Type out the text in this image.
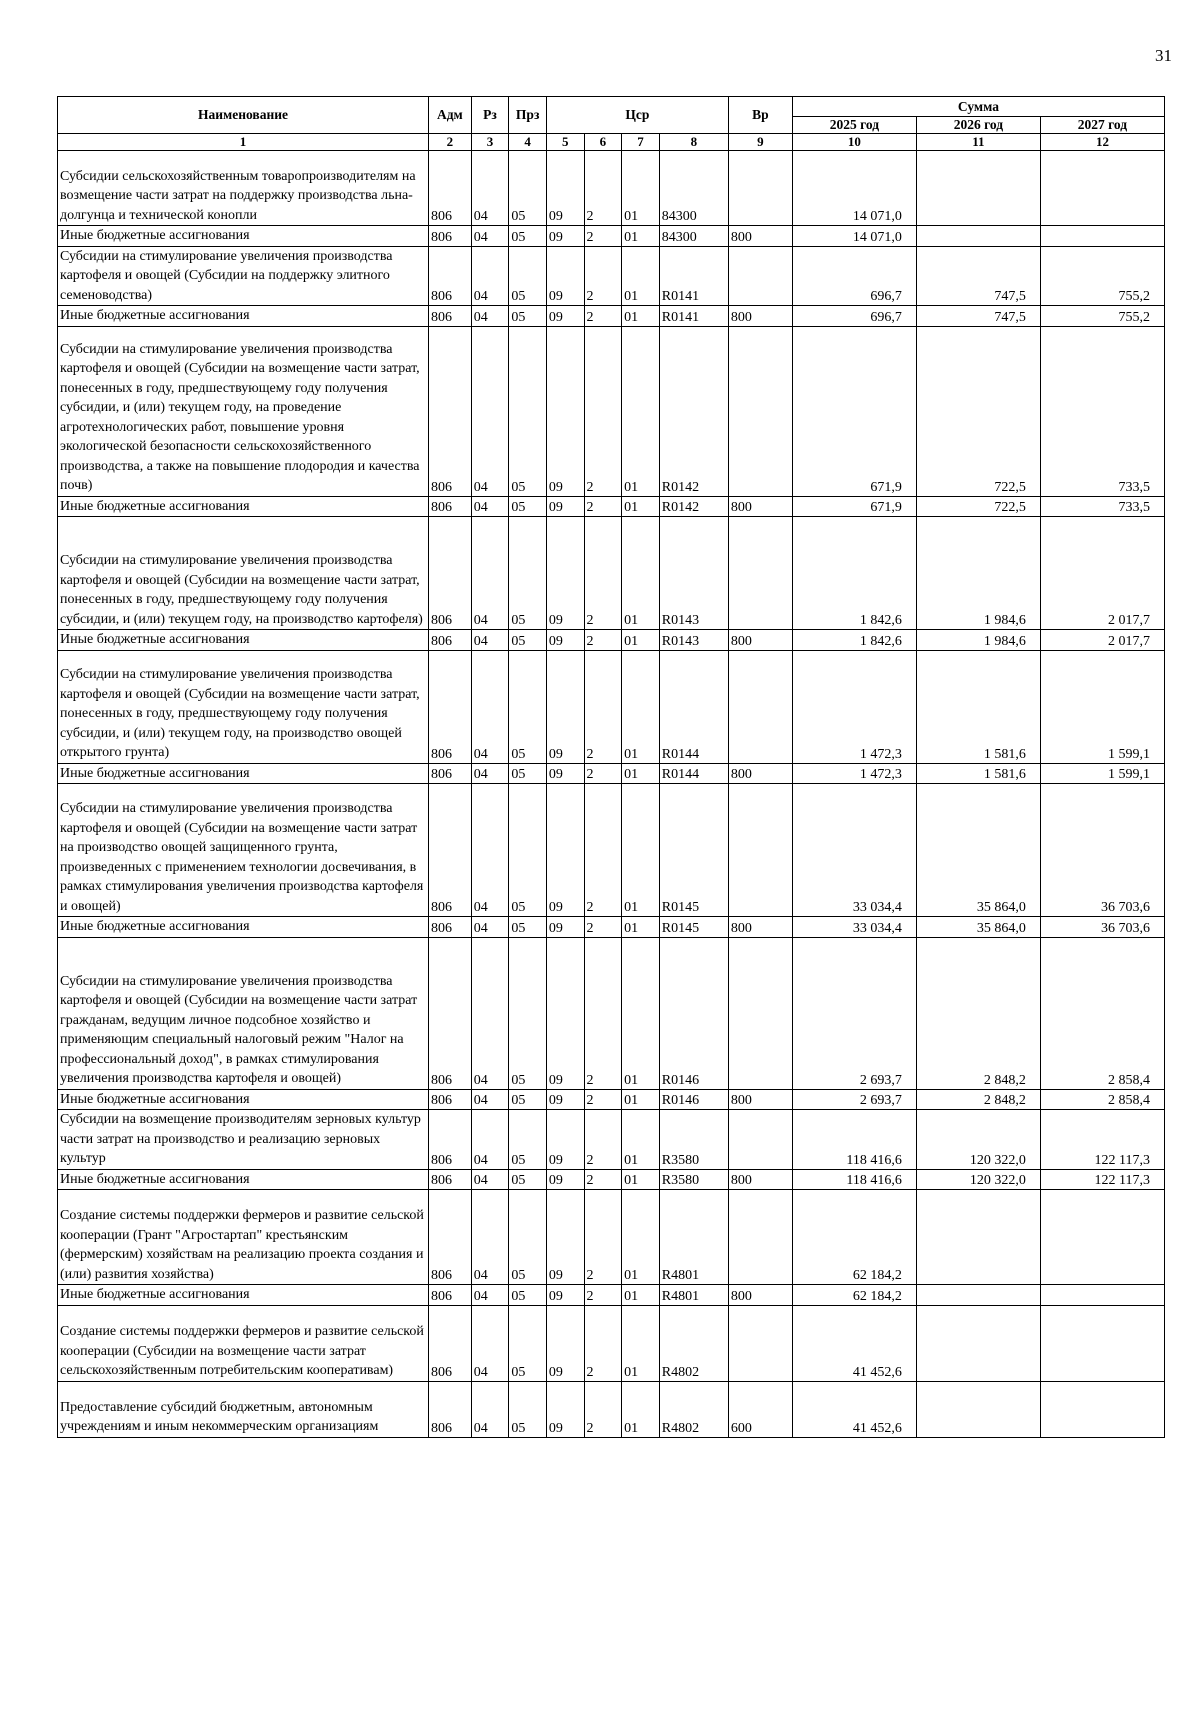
31
Наименование	Адм	Рз	Прз	Цср				Вр	Сумма		
									2025 год	2026 год	2027 год
1	2	3	4	5	6	7	8	9	10	11	12
Субсидии сельскохозяйственным товаропроизводителям на возмещение части затрат на поддержку производства льна-долгунца и технической конопли	806	04	05	09	2	01	84300		14 071,0		
Иные бюджетные ассигнования	806	04	05	09	2	01	84300	800	14 071,0		
Субсидии на стимулирование увеличения производства картофеля и овощей (Субсидии на поддержку элитного семеноводства)	806	04	05	09	2	01	R0141		696,7	747,5	755,2
Иные бюджетные ассигнования	806	04	05	09	2	01	R0141	800	696,7	747,5	755,2
Субсидии на стимулирование увеличения производства картофеля и овощей (Субсидии на возмещение части затрат, понесенных в году, предшествующему году получения субсидии, и (или) текущем году, на проведение агротехнологических работ, повышение уровня экологической безопасности сельскохозяйственного производства, а также на повышение плодородия и качества почв)	806	04	05	09	2	01	R0142		671,9	722,5	733,5
Иные бюджетные ассигнования	806	04	05	09	2	01	R0142	800	671,9	722,5	733,5
Субсидии на стимулирование увеличения производства картофеля и овощей (Субсидии на возмещение части затрат, понесенных в году, предшествующему году получения субсидии, и (или) текущем году, на производство картофеля)	806	04	05	09	2	01	R0143		1 842,6	1 984,6	2 017,7
Иные бюджетные ассигнования	806	04	05	09	2	01	R0143	800	1 842,6	1 984,6	2 017,7
Субсидии на стимулирование увеличения производства картофеля и овощей (Субсидии на возмещение части затрат, понесенных в году, предшествующему году получения субсидии, и (или) текущем году, на производство овощей открытого грунта)	806	04	05	09	2	01	R0144		1 472,3	1 581,6	1 599,1
Иные бюджетные ассигнования	806	04	05	09	2	01	R0144	800	1 472,3	1 581,6	1 599,1
Субсидии на стимулирование увеличения производства картофеля и овощей (Субсидии на возмещение части затрат на производство овощей защищенного грунта, произведенных с применением технологии досвечивания, в рамках стимулирования увеличения производства картофеля и овощей)	806	04	05	09	2	01	R0145		33 034,4	35 864,0	36 703,6
Иные бюджетные ассигнования	806	04	05	09	2	01	R0145	800	33 034,4	35 864,0	36 703,6
Субсидии на стимулирование увеличения производства картофеля и овощей (Субсидии на возмещение части затрат гражданам, ведущим личное подсобное хозяйство и применяющим специальный налоговый режим "Налог на профессиональный доход", в рамках стимулирования увеличения производства картофеля и овощей)	806	04	05	09	2	01	R0146		2 693,7	2 848,2	2 858,4
Иные бюджетные ассигнования	806	04	05	09	2	01	R0146	800	2 693,7	2 848,2	2 858,4
Субсидии на возмещение производителям зерновых культур части затрат на производство и реализацию зерновых культур	806	04	05	09	2	01	R3580		118 416,6	120 322,0	122 117,3
Иные бюджетные ассигнования	806	04	05	09	2	01	R3580	800	118 416,6	120 322,0	122 117,3
Создание системы поддержки фермеров и развитие сельской кооперации (Грант "Агростартап" крестьянским (фермерским) хозяйствам на реализацию проекта создания и (или) развития хозяйства)	806	04	05	09	2	01	R4801		62 184,2		
Иные бюджетные ассигнования	806	04	05	09	2	01	R4801	800	62 184,2		
Создание системы поддержки фермеров и развитие сельской кооперации (Субсидии на возмещение части затрат сельскохозяйственным потребительским кооперативам)	806	04	05	09	2	01	R4802		41 452,6		
Предоставление субсидий бюджетным, автономным учреждениям и иным некоммерческим организациям	806	04	05	09	2	01	R4802	600	41 452,6		
